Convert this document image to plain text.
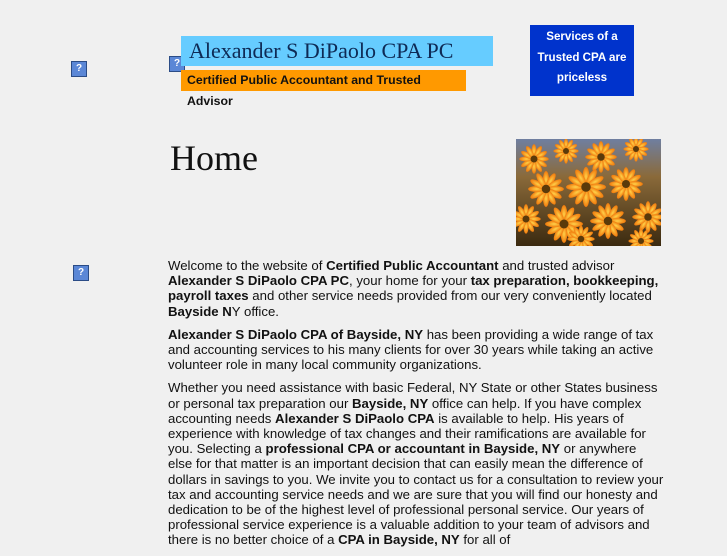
?	?
?
Alexander S DiPaolo CPA PC
Certified Public Accountant and Trusted Advisor
Services of a
Trusted CPA are
priceless
Home

Welcome to the website of Certified Public Accountant and trusted advisor Alexander S DiPaolo CPA PC, your home for your tax preparation, bookkeeping, payroll taxes and other service needs provided from our very conveniently located Bayside NY office.

Alexander S DiPaolo CPA of Bayside, NY has been providing a wide range of tax and accounting services to his many clients for over 30 years while taking an active volunteer role in many local community organizations.

Whether you need assistance with basic Federal, NY State or other States business or personal tax preparation our Bayside, NY office can help. If you have complex accounting needs Alexander S DiPaolo CPA is available to help. His years of experience with knowledge of tax changes and their ramifications are available for you. Selecting a professional CPA or accountant in Bayside, NY or anywhere else for that matter is an important decision that can easily mean the difference of dollars in savings to you. We invite you to contact us for a consultation to review your tax and accounting service needs and we are sure that you will find our honesty and dedication to be of the highest level of professional personal service. Our years of professional service experience is a valuable addition to your team of advisors and there is no better choice of a CPA in Bayside, NY for all of
